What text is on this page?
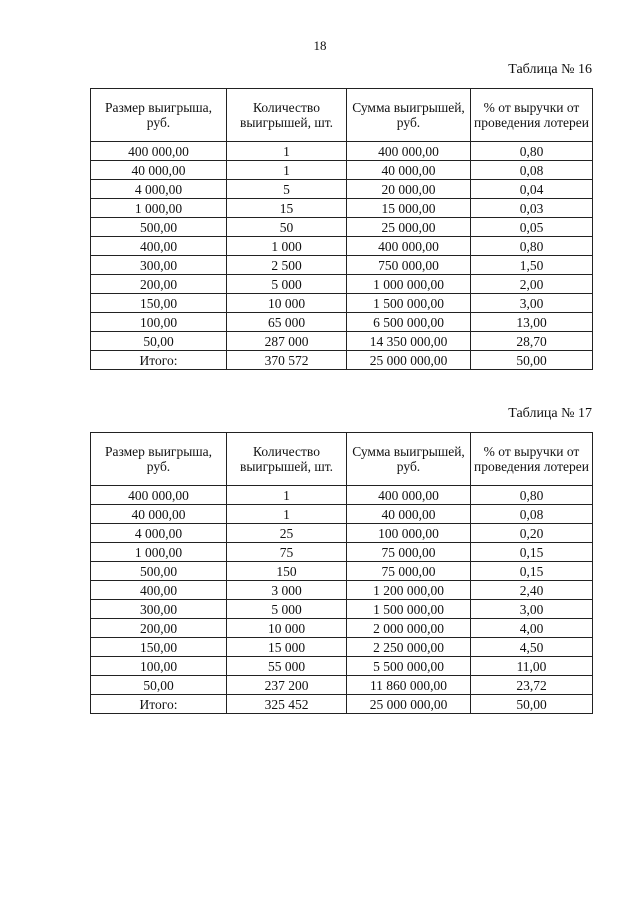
18
Таблица № 16
Размер выигрыша, руб.	Количество выигрышей, шт.	Сумма выигрышей, руб.	% от выручки от проведения лотереи
400 000,00	1	400 000,00	0,80
40 000,00	1	40 000,00	0,08
4 000,00	5	20 000,00	0,04
1 000,00	15	15 000,00	0,03
500,00	50	25 000,00	0,05
400,00	1 000	400 000,00	0,80
300,00	2 500	750 000,00	1,50
200,00	5 000	1 000 000,00	2,00
150,00	10 000	1 500 000,00	3,00
100,00	65 000	6 500 000,00	13,00
50,00	287 000	14 350 000,00	28,70
Итого:	370 572	25 000 000,00	50,00
Таблица № 17
Размер выигрыша, руб.	Количество выигрышей, шт.	Сумма выигрышей, руб.	% от выручки от проведения лотереи
400 000,00	1	400 000,00	0,80
40 000,00	1	40 000,00	0,08
4 000,00	25	100 000,00	0,20
1 000,00	75	75 000,00	0,15
500,00	150	75 000,00	0,15
400,00	3 000	1 200 000,00	2,40
300,00	5 000	1 500 000,00	3,00
200,00	10 000	2 000 000,00	4,00
150,00	15 000	2 250 000,00	4,50
100,00	55 000	5 500 000,00	11,00
50,00	237 200	11 860 000,00	23,72
Итого:	325 452	25 000 000,00	50,00
